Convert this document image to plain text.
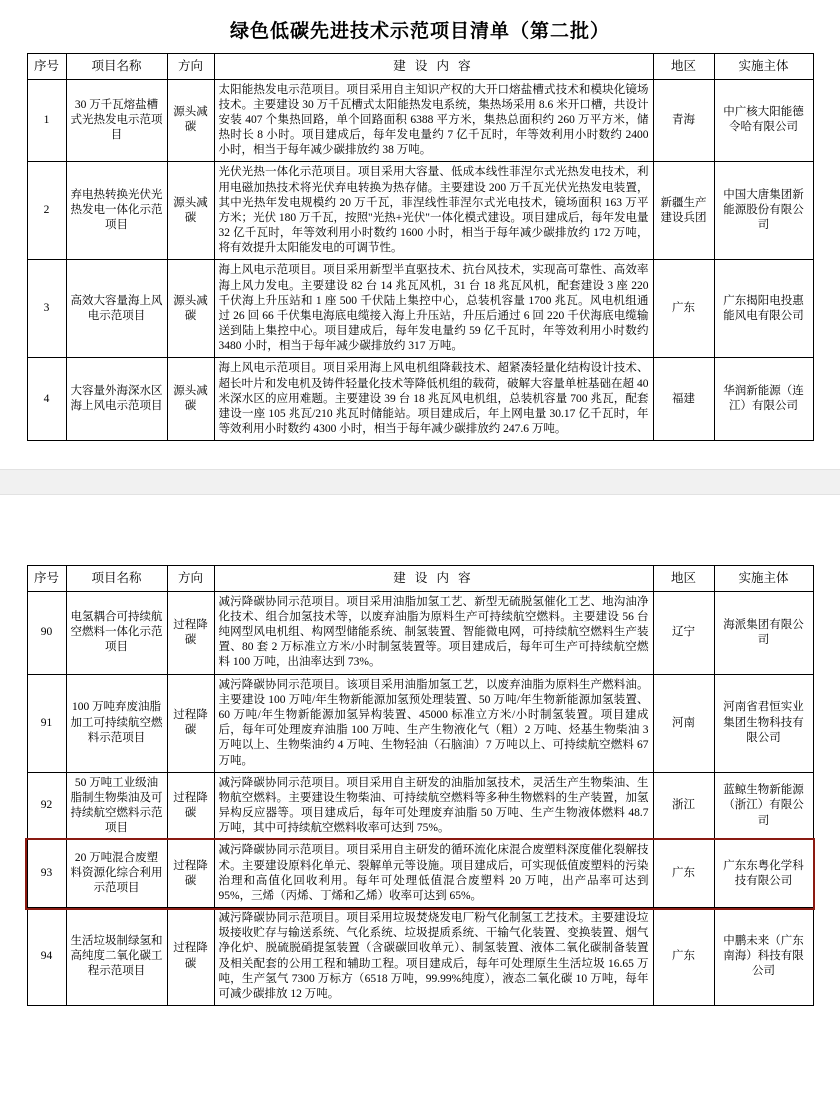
绿色低碳先进技术示范项目清单（第二批）
序号	项目名称	方向	建 设 内 容	地区	实施主体
1	30 万千瓦熔盐槽式光热发电示范项目	源头减碳	太阳能热发电示范项目。项目采用自主知识产权的大开口熔盐槽式技术和模块化镜场技术。主要建设 30 万千瓦槽式太阳能热发电系统，集热场采用 8.6 米开口槽，共设计安装 407 个集热回路，单个回路面积 6388 平方米，集热总面积约 260 万平方米，储热时长 8 小时。项目建成后，每年发电量约 7 亿千瓦时，年等效利用小时数约 2400 小时，相当于每年减少碳排放约 38 万吨。	青海	中广核大阳能德令哈有限公司
2	弃电热转换光伏光热发电一体化示范项目	源头减碳	光伏光热一体化示范项目。项目采用大容量、低成本线性菲涅尔式光热发电技术，利用电磁加热技术将光伏弃电转换为热存储。主要建设 200 万千瓦光伏光热发电装置，其中光热年发电规模约 20 万千瓦，菲涅线性菲涅尔式光电技术，镜场面积 163 万平方米；光伏 180 万千瓦，按照"光热+光伏"一体化模式建设。项目建成后，每年发电量 32 亿千瓦时，年等效利用小时数约 1600 小时，相当于每年减少碳排放约 172 万吨，将有效提升太阳能发电的可调节性。	新疆生产建设兵团	中国大唐集团新能源股份有限公司
3	高效大容量海上风电示范项目	源头减碳	海上风电示范项目。项目采用新型半直驱技术、抗台风技术，实现高可靠性、高效率海上风力发电。主要建设 82 台 14 兆瓦风机，31 台 18 兆瓦风机，配套建设 3 座 220 千伏海上升压站和 1 座 500 千伏陆上集控中心，总装机容量 1700 兆瓦。风电机组通过 26 回 66 千伏集电海底电缆接入海上升压站，升压后通过 6 回 220 千伏海底电缆输送到陆上集控中心。项目建成后，每年发电量约 59 亿千瓦时，年等效利用小时数约 3480 小时，相当于每年减少碳排放约 317 万吨。	广东	广东揭阳电投惠能风电有限公司
4	大容量外海深水区海上风电示范项目	源头减碳	海上风电示范项目。项目采用海上风电机组降载技术、超紧凑轻量化结构设计技术、超长叶片和发电机及铸件轻量化技术等降低机组的载荷，破解大容量单桩基础在超 40 米深水区的应用难题。主要建设 39 台 18 兆瓦风电机组，总装机容量 700 兆瓦，配套建设一座 105 兆瓦/210 兆瓦时储能站。项目建成后，年上网电量 30.17 亿千瓦时，年等效利用小时数约 4300 小时，相当于每年减少碳排放约 247.6 万吨。	福建	华润新能源（连江）有限公司
序号	项目名称	方向	建 设 内 容	地区	实施主体
90	电氢耦合可持续航空燃料一体化示范项目	过程降碳	减污降碳协同示范项目。项目采用油脂加氢工艺、新型无硫脱氢催化工艺、地沟油净化技术、组合加氢技术等，以废弃油脂为原料生产可持续航空燃料。主要建设 56 台纯网型风电机组、构网型储能系统、制氢装置、智能微电网，可持续航空燃料生产装置、80 套 2 万标准立方米/小时制氢装置等。项目建成后，每年可生产可持续航空燃料 100 万吨，出油率达到 73%。	辽宁	海派集团有限公司
91	100 万吨弃废油脂加工可持续航空燃料示范项目	过程降碳	减污降碳协同示范项目。该项目采用油脂加氢工艺，以废弃油脂为原料生产燃料油。主要建设 100 万吨/年生物新能源加氢预处理装置、50 万吨/年生物新能源加氢装置、60 万吨/年生物新能源加氢异构装置、45000 标准立方米/小时制氢装置。项目建成后，每年可处理废弃油脂 100 万吨、生产生物液化气（粗）2 万吨、烃基生物柴油 3 万吨以上、生物柴油约 4 万吨、生物轻油（石脑油）7 万吨以上、可持续航空燃料 67 万吨。	河南	河南省君恒实业集团生物科技有限公司
92	50 万吨工业级油脂制生物柴油及可持续航空燃料示范项目	过程降碳	减污降碳协同示范项目。项目采用自主研发的油脂加氢技术，灵活生产生物柴油、生物航空燃料。主要建设生物柴油、可持续航空燃料等多种生物燃料的生产装置，加氢异构反应器等。项目建成后，每年可处理废弃油脂 50 万吨、生产生物液体燃料 48.7 万吨，其中可持续航空燃料收率可达到 75%。	浙江	蓝鲸生物新能源（浙江）有限公司
93	20 万吨混合废塑料资源化综合利用示范项目	过程降碳	减污降碳协同示范项目。项目采用自主研发的循环流化床混合废塑料深度催化裂解技术。主要建设原料化单元、裂解单元等设施。项目建成后，可实现低值废塑料的污染治理和高值化回收利用。每年可处理低值混合废塑料 20 万吨，出产品率可达到 95%，三烯（丙烯、丁烯和乙烯）收率可达到 65%。	广东	广东东粤化学科技有限公司
94	生活垃圾制绿氢和高纯度二氧化碳工程示范项目	过程降碳	减污降碳协同示范项目。项目采用垃圾焚烧发电厂粉气化制氢工艺技术。主要建设垃圾接收贮存与输送系统、气化系统、垃圾提质系统、干输气化装置、变换装置、烟气净化炉、脱硫脱硝提氢装置（含碳碳回收单元）、制氢装置、液体二氧化碳制备装置及相关配套的公用工程和辅助工程。项目建成后，每年可处理原生生活垃圾 16.65 万吨，生产氢气 7300 万标方（6518 万吨，99.99%纯度），液态二氧化碳 10 万吨，每年可减少碳排放 12 万吨。	广东	中鹏未来（广东南海）科技有限公司
